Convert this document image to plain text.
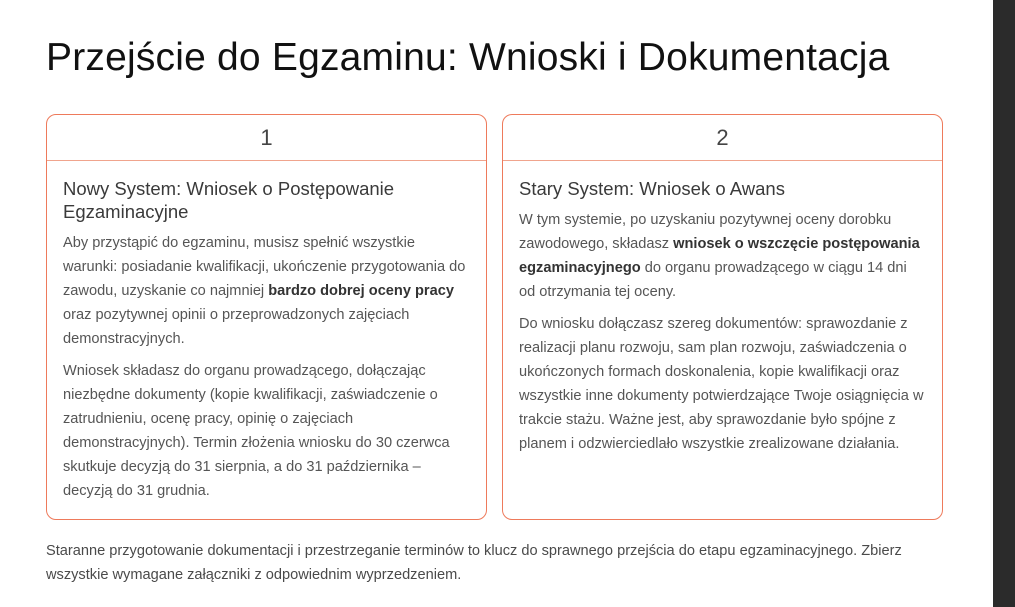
Przejście do Egzaminu: Wnioski i Dokumentacja
1
Nowy System: Wniosek o Postępowanie Egzaminacyjne

Aby przystąpić do egzaminu, musisz spełnić wszystkie warunki: posiadanie kwalifikacji, ukończenie przygotowania do zawodu, uzyskanie co najmniej bardzo dobrej oceny pracy oraz pozytywnej opinii o przeprowadzonych zajęciach demonstracyjnych.

Wniosek składasz do organu prowadzącego, dołączając niezbędne dokumenty (kopie kwalifikacji, zaświadczenie o zatrudnieniu, ocenę pracy, opinię o zajęciach demonstracyjnych). Termin złożenia wniosku do 30 czerwca skutkuje decyzją do 31 sierpnia, a do 31 października – decyzją do 31 grudnia.

2
Stary System: Wniosek o Awans

W tym systemie, po uzyskaniu pozytywnej oceny dorobku zawodowego, składasz wniosek o wszczęcie postępowania egzaminacyjnego do organu prowadzącego w ciągu 14 dni od otrzymania tej oceny.

Do wniosku dołączasz szereg dokumentów: sprawozdanie z realizacji planu rozwoju, sam plan rozwoju, zaświadczenia o ukończonych formach doskonalenia, kopie kwalifikacji oraz wszystkie inne dokumenty potwierdzające Twoje osiągnięcia w trakcie stażu. Ważne jest, aby sprawozdanie było spójne z planem i odzwierciedlało wszystkie zrealizowane działania.

Staranne przygotowanie dokumentacji i przestrzeganie terminów to klucz do sprawnego przejścia do etapu egzaminacyjnego. Zbierz wszystkie wymagane załączniki z odpowiednim wyprzedzeniem.
